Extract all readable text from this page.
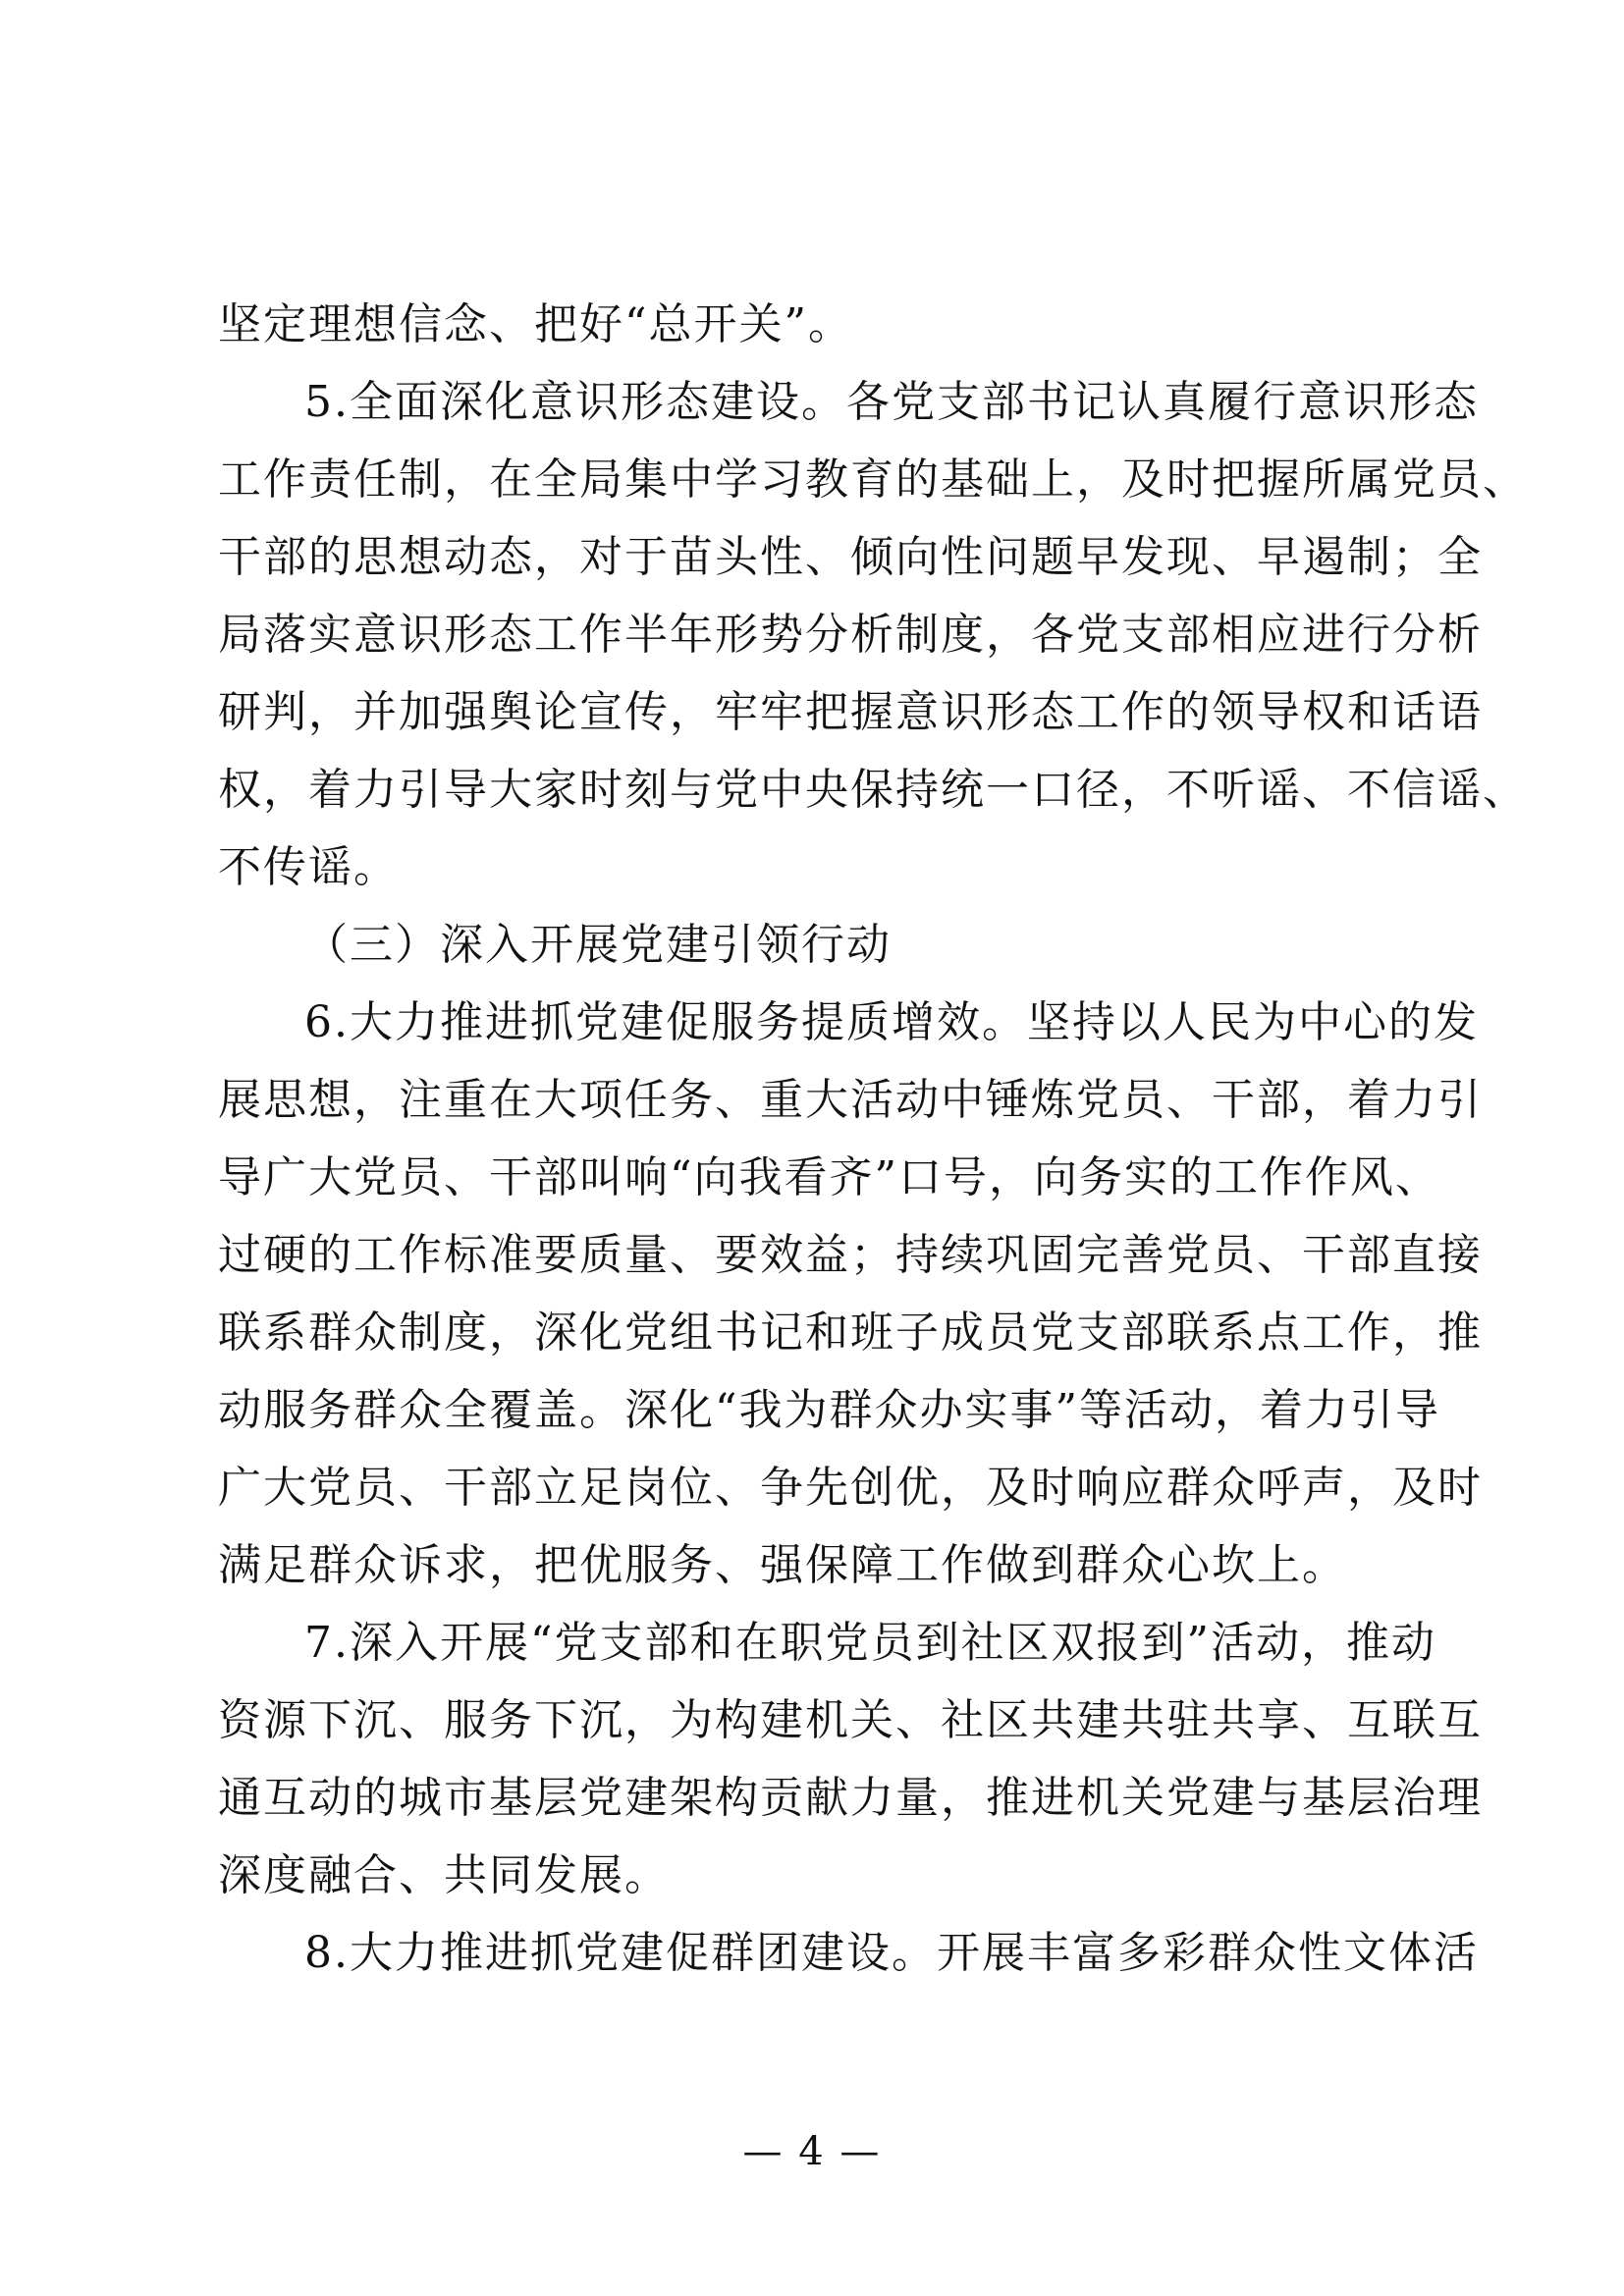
坚定理想信念、把好“总开关”。

5.全面深化意识形态建设。各党支部书记认真履行意识形态
工作责任制，在全局集中学习教育的基础上，及时把握所属党员、
干部的思想动态，对于苗头性、倾向性问题早发现、早遏制；全
局落实意识形态工作半年形势分析制度，各党支部相应进行分析
研判，并加强舆论宣传，牢牢把握意识形态工作的领导权和话语
权，着力引导大家时刻与党中央保持统一口径，不听谣、不信谣、
不传谣。

（三）深入开展党建引领行动

6.大力推进抓党建促服务提质增效。坚持以人民为中心的发
展思想，注重在大项任务、重大活动中锤炼党员、干部，着力引
导广大党员、干部叫响“向我看齐”口号，向务实的工作作风、
过硬的工作标准要质量、要效益；持续巩固完善党员、干部直接
联系群众制度，深化党组书记和班子成员党支部联系点工作，推
动服务群众全覆盖。深化“我为群众办实事”等活动，着力引导
广大党员、干部立足岗位、争先创优，及时响应群众呼声，及时
满足群众诉求，把优服务、强保障工作做到群众心坎上。

7.深入开展“党支部和在职党员到社区双报到”活动，推动
资源下沉、服务下沉，为构建机关、社区共建共驻共享、互联互
通互动的城市基层党建架构贡献力量，推进机关党建与基层治理
深度融合、共同发展。

8.大力推进抓党建促群团建设。开展丰富多彩群众性文体活

— 4 —
